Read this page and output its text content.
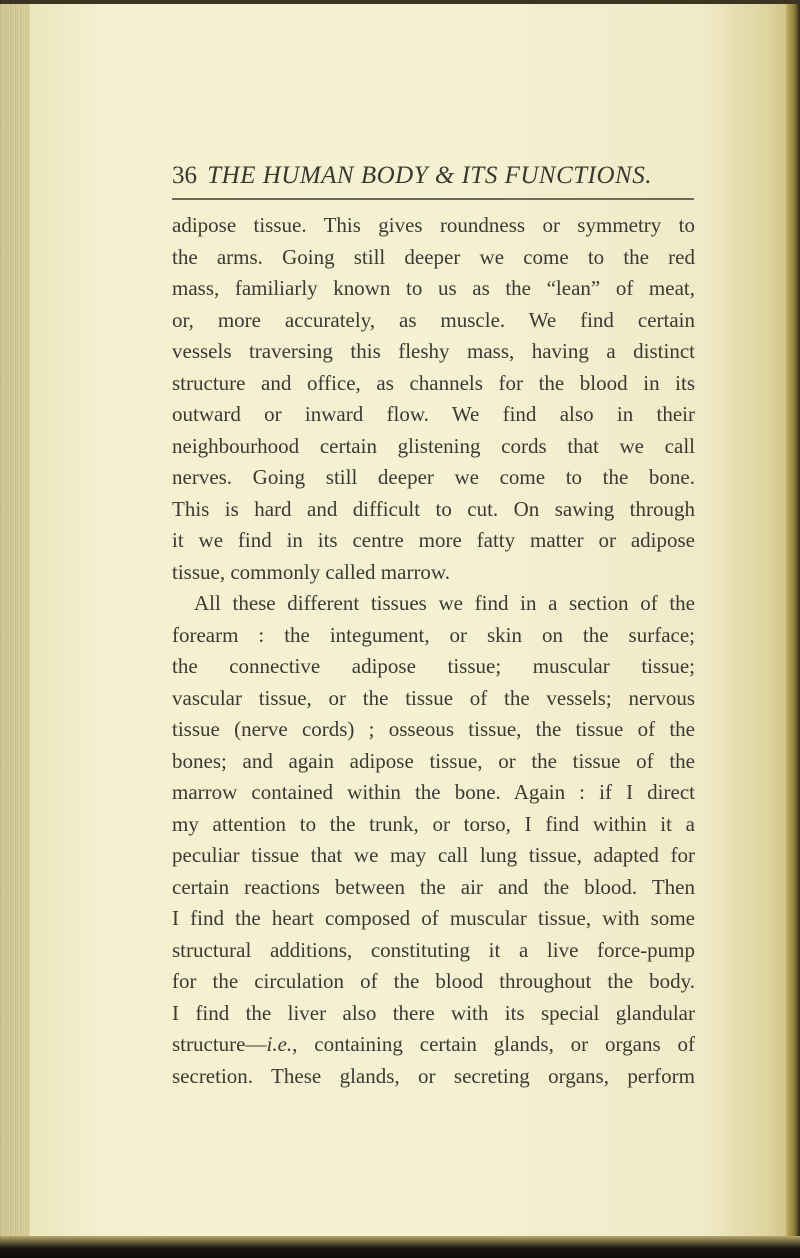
36 THE HUMAN BODY & ITS FUNCTIONS.
adipose tissue. This gives roundness or symmetry to
the arms. Going still deeper we come to the red
mass, familiarly known to us as the “lean” of meat,
or, more accurately, as muscle. We find certain
vessels traversing this fleshy mass, having a distinct
structure and office, as channels for the blood in its
outward or inward flow. We find also in their
neighbourhood certain glistening cords that we call
nerves. Going still deeper we come to the bone.
This is hard and difficult to cut. On sawing through
it we find in its centre more fatty matter or adipose
tissue, commonly called marrow.
All these different tissues we find in a section of the
forearm : the integument, or skin on the surface;
the connective adipose tissue; muscular tissue;
vascular tissue, or the tissue of the vessels; nervous
tissue (nerve cords) ; osseous tissue, the tissue of the
bones; and again adipose tissue, or the tissue of the
marrow contained within the bone. Again : if I direct
my attention to the trunk, or torso, I find within it a
peculiar tissue that we may call lung tissue, adapted for
certain reactions between the air and the blood. Then
I find the heart composed of muscular tissue, with some
structural additions, constituting it a live force-pump
for the circulation of the blood throughout the body.
I find the liver also there with its special glandular
structure—i.e., containing certain glands, or organs of
secretion. These glands, or secreting organs, perform
